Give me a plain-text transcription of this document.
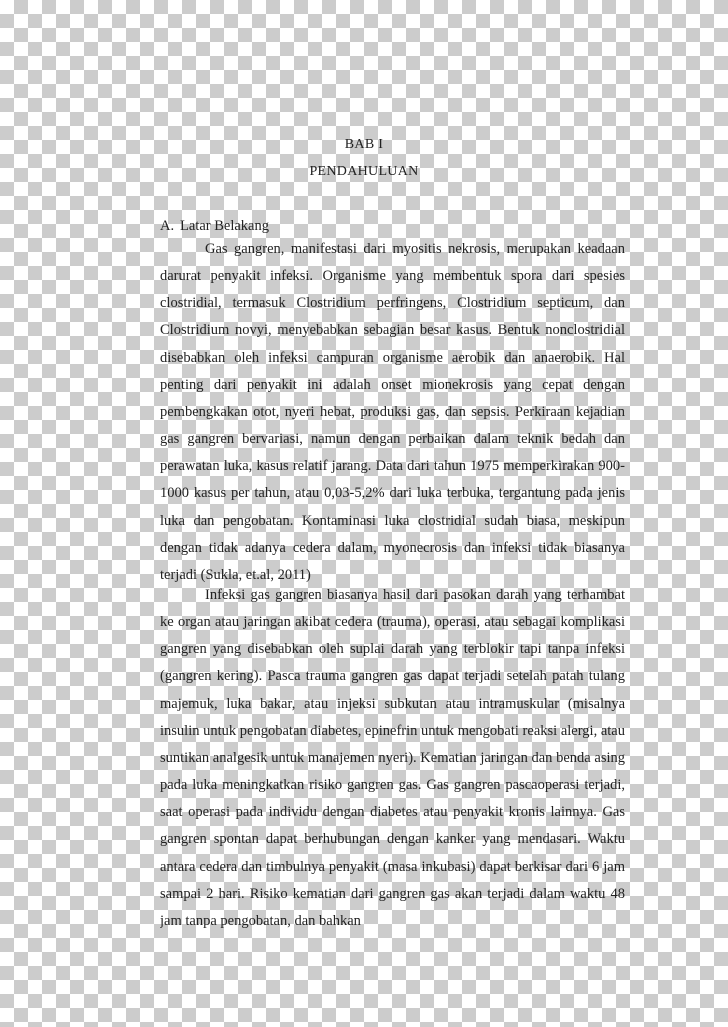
BAB I
PENDAHULUAN
A. Latar Belakang

Gas gangren, manifestasi dari myositis nekrosis, merupakan keadaan darurat penyakit infeksi. Organisme yang membentuk spora dari spesies clostridial, termasuk Clostridium perfringens, Clostridium septicum, dan Clostridium novyi, menyebabkan sebagian besar kasus. Bentuk nonclostridial disebabkan oleh infeksi campuran organisme aerobik dan anaerobik. Hal penting dari penyakit ini adalah onset mionekrosis yang cepat dengan pembengkakan otot, nyeri hebat, produksi gas, dan sepsis. Perkiraan kejadian gas gangren bervariasi, namun dengan perbaikan dalam teknik bedah dan perawatan luka, kasus relatif jarang. Data dari tahun 1975 memperkirakan 900-1000 kasus per tahun, atau 0,03-5,2% dari luka terbuka, tergantung pada jenis luka dan pengobatan. Kontaminasi luka clostridial sudah biasa, meskipun dengan tidak adanya cedera dalam, myonecrosis dan infeksi tidak biasanya terjadi (Sukla, et.al, 2011)

Infeksi gas gangren biasanya hasil dari pasokan darah yang terhambat ke organ atau jaringan akibat cedera (trauma), operasi, atau sebagai komplikasi gangren yang disebabkan oleh suplai darah yang terblokir tapi tanpa infeksi (gangren kering). Pasca trauma gangren gas dapat terjadi setelah patah tulang majemuk, luka bakar, atau injeksi subkutan atau intramuskular (misalnya insulin untuk pengobatan diabetes, epinefrin untuk mengobati reaksi alergi, atau suntikan analgesik untuk manajemen nyeri). Kematian jaringan dan benda asing pada luka meningkatkan risiko gangren gas. Gas gangren pascaoperasi terjadi, saat operasi pada individu dengan diabetes atau penyakit kronis lainnya. Gas gangren spontan dapat berhubungan dengan kanker yang mendasari. Waktu antara cedera dan timbulnya penyakit (masa inkubasi) dapat berkisar dari 6 jam sampai 2 hari. Risiko kematian dari gangren gas akan terjadi dalam waktu 48 jam tanpa pengobatan, dan bahkan
